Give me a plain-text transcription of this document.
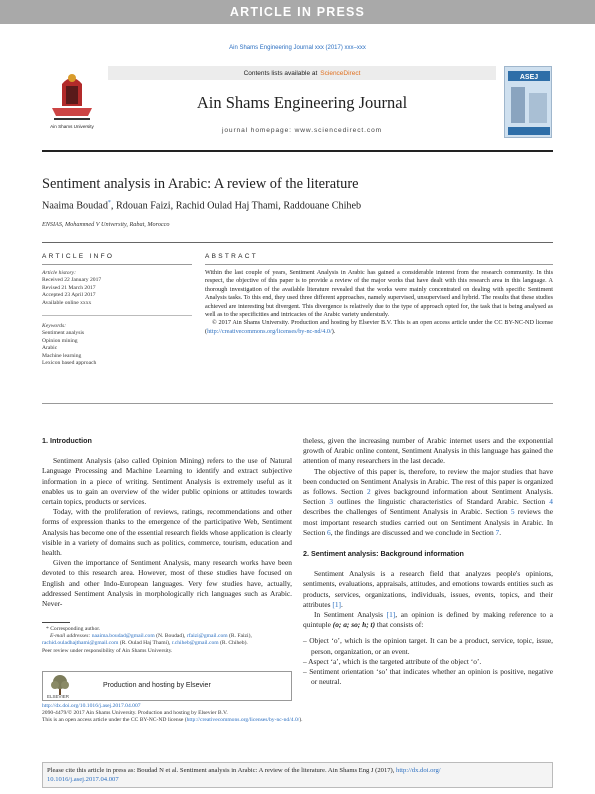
ARTICLE IN PRESS
Ain Shams Engineering Journal xxx (2017) xxx–xxx
Ain Shams University
Contents lists available at ScienceDirect
Ain Shams Engineering Journal
journal homepage: www.sciencedirect.com
ASEJ
Sentiment analysis in Arabic: A review of the literature
Naaima Boudad*, Rdouan Faizi, Rachid Oulad Haj Thami, Raddouane Chiheb
ENSIAS, Mohammed V University, Rabat, Morocco
ARTICLE INFO	ABSTRACT
Article history:
Received 22 January 2017
Revised 21 March 2017
Accepted 23 April 2017
Available online xxxx
Keywords:
Sentiment analysis
Opinion mining
Arabic
Machine learning
Lexicon based approach
Within the last couple of years, Sentiment Analysis in Arabic has gained a considerable interest from the research community. In this respect, the objective of this paper is to provide a review of the major works that have dealt with this research area in this language. A thorough investigation of the available literature revealed that the works were mainly concentrated on dealing with specific Sentiment Analysis tasks. To this end, they used three different approaches, namely supervised, unsupervised and hybrid. The results that these studies achieved are interesting but divergent. This divergence is relatively due to the type of approach opted for, the task that is being analysed as well as to the specificities and intricacies of the Arabic variety understudy.
© 2017 Ain Shams University. Production and hosting by Elsevier B.V. This is an open access article under the CC BY-NC-ND license (http://creativecommons.org/licenses/by-nc-nd/4.0/).
1. Introduction

Sentiment Analysis (also called Opinion Mining) refers to the use of Natural Language Processing and Machine Learning to identify and extract subjective information in a piece of writing. Sentiment Analysis is extremely useful as it enables us to gain an overview of the wider public opinions or attitudes towards certain topics, products or services.

Today, with the proliferation of reviews, ratings, recommendations and other forms of expression thanks to the emergence of the participative Web, Sentiment Analysis has become one of the essential research fields whose application is clearly visible in a variety of domains such as politics, commerce, tourism, education and health.

Given the importance of Sentiment Analysis, many research works have been devoted to this research area. However, most of these studies have focused on English and other Indo-European languages. Very few studies have, actually, addressed Sentiment Analysis in morphologically rich languages such as Arabic. Never-

theless, given the increasing number of Arabic internet users and the exponential growth of Arabic online content, Sentiment Analysis in this language has gained the attention of many researchers in the last decade.

The objective of this paper is, therefore, to review the major studies that have been conducted on Sentiment Analysis in Arabic. The rest of this paper is organized as follows. Section 2 gives background information about Sentiment Analysis. Section 3 outlines the linguistic characteristics of Standard Arabic. Section 4 describes the challenges of Sentiment Analysis in Arabic. Section 5 reviews the most important research studies carried out on Sentiment Analysis in Arabic. In Section 6, the findings are discussed and we conclude in Section 7.

2. Sentiment analysis: Background information

Sentiment Analysis is a research field that analyzes people's opinions, sentiments, evaluations, appraisals, attitudes, and emotions towards entities such as products, services, organizations, individuals, issues, events, topics, and their attributes [1].

In Sentiment Analysis [1], an opinion is defined by making reference to a quintuple (o; a; so; h; t) that consists of:

– Object ‘o’, which is the opinion target. It can be a product, service, topic, issue, person, organization, or an event.
– Aspect ‘a’, which is the targeted attribute of the object ‘o’.
– Sentiment orientation ‘so’ that indicates whether an opinion is positive, negative or neutral.
* Corresponding author.
E-mail addresses: naaima.boudad@gmail.com (N. Boudad), rfaizi@gmail.com (R. Faizi), rachid.ouladhajthami@gmail.com (R. Oulad Haj Thami), r.chiheb@gmail.com (R. Chiheb).
Peer review under responsibility of Ain Shams University.
ELSEVIER
Production and hosting by Elsevier
http://dx.doi.org/10.1016/j.asej.2017.04.007
2090-4479/© 2017 Ain Shams University. Production and hosting by Elsevier B.V.
This is an open access article under the CC BY-NC-ND license (http://creativecommons.org/licenses/by-nc-nd/4.0/).
Please cite this article in press as: Boudad N et al. Sentiment analysis in Arabic: A review of the literature. Ain Shams Eng J (2017), http://dx.doi.org/
10.1016/j.asej.2017.04.007
